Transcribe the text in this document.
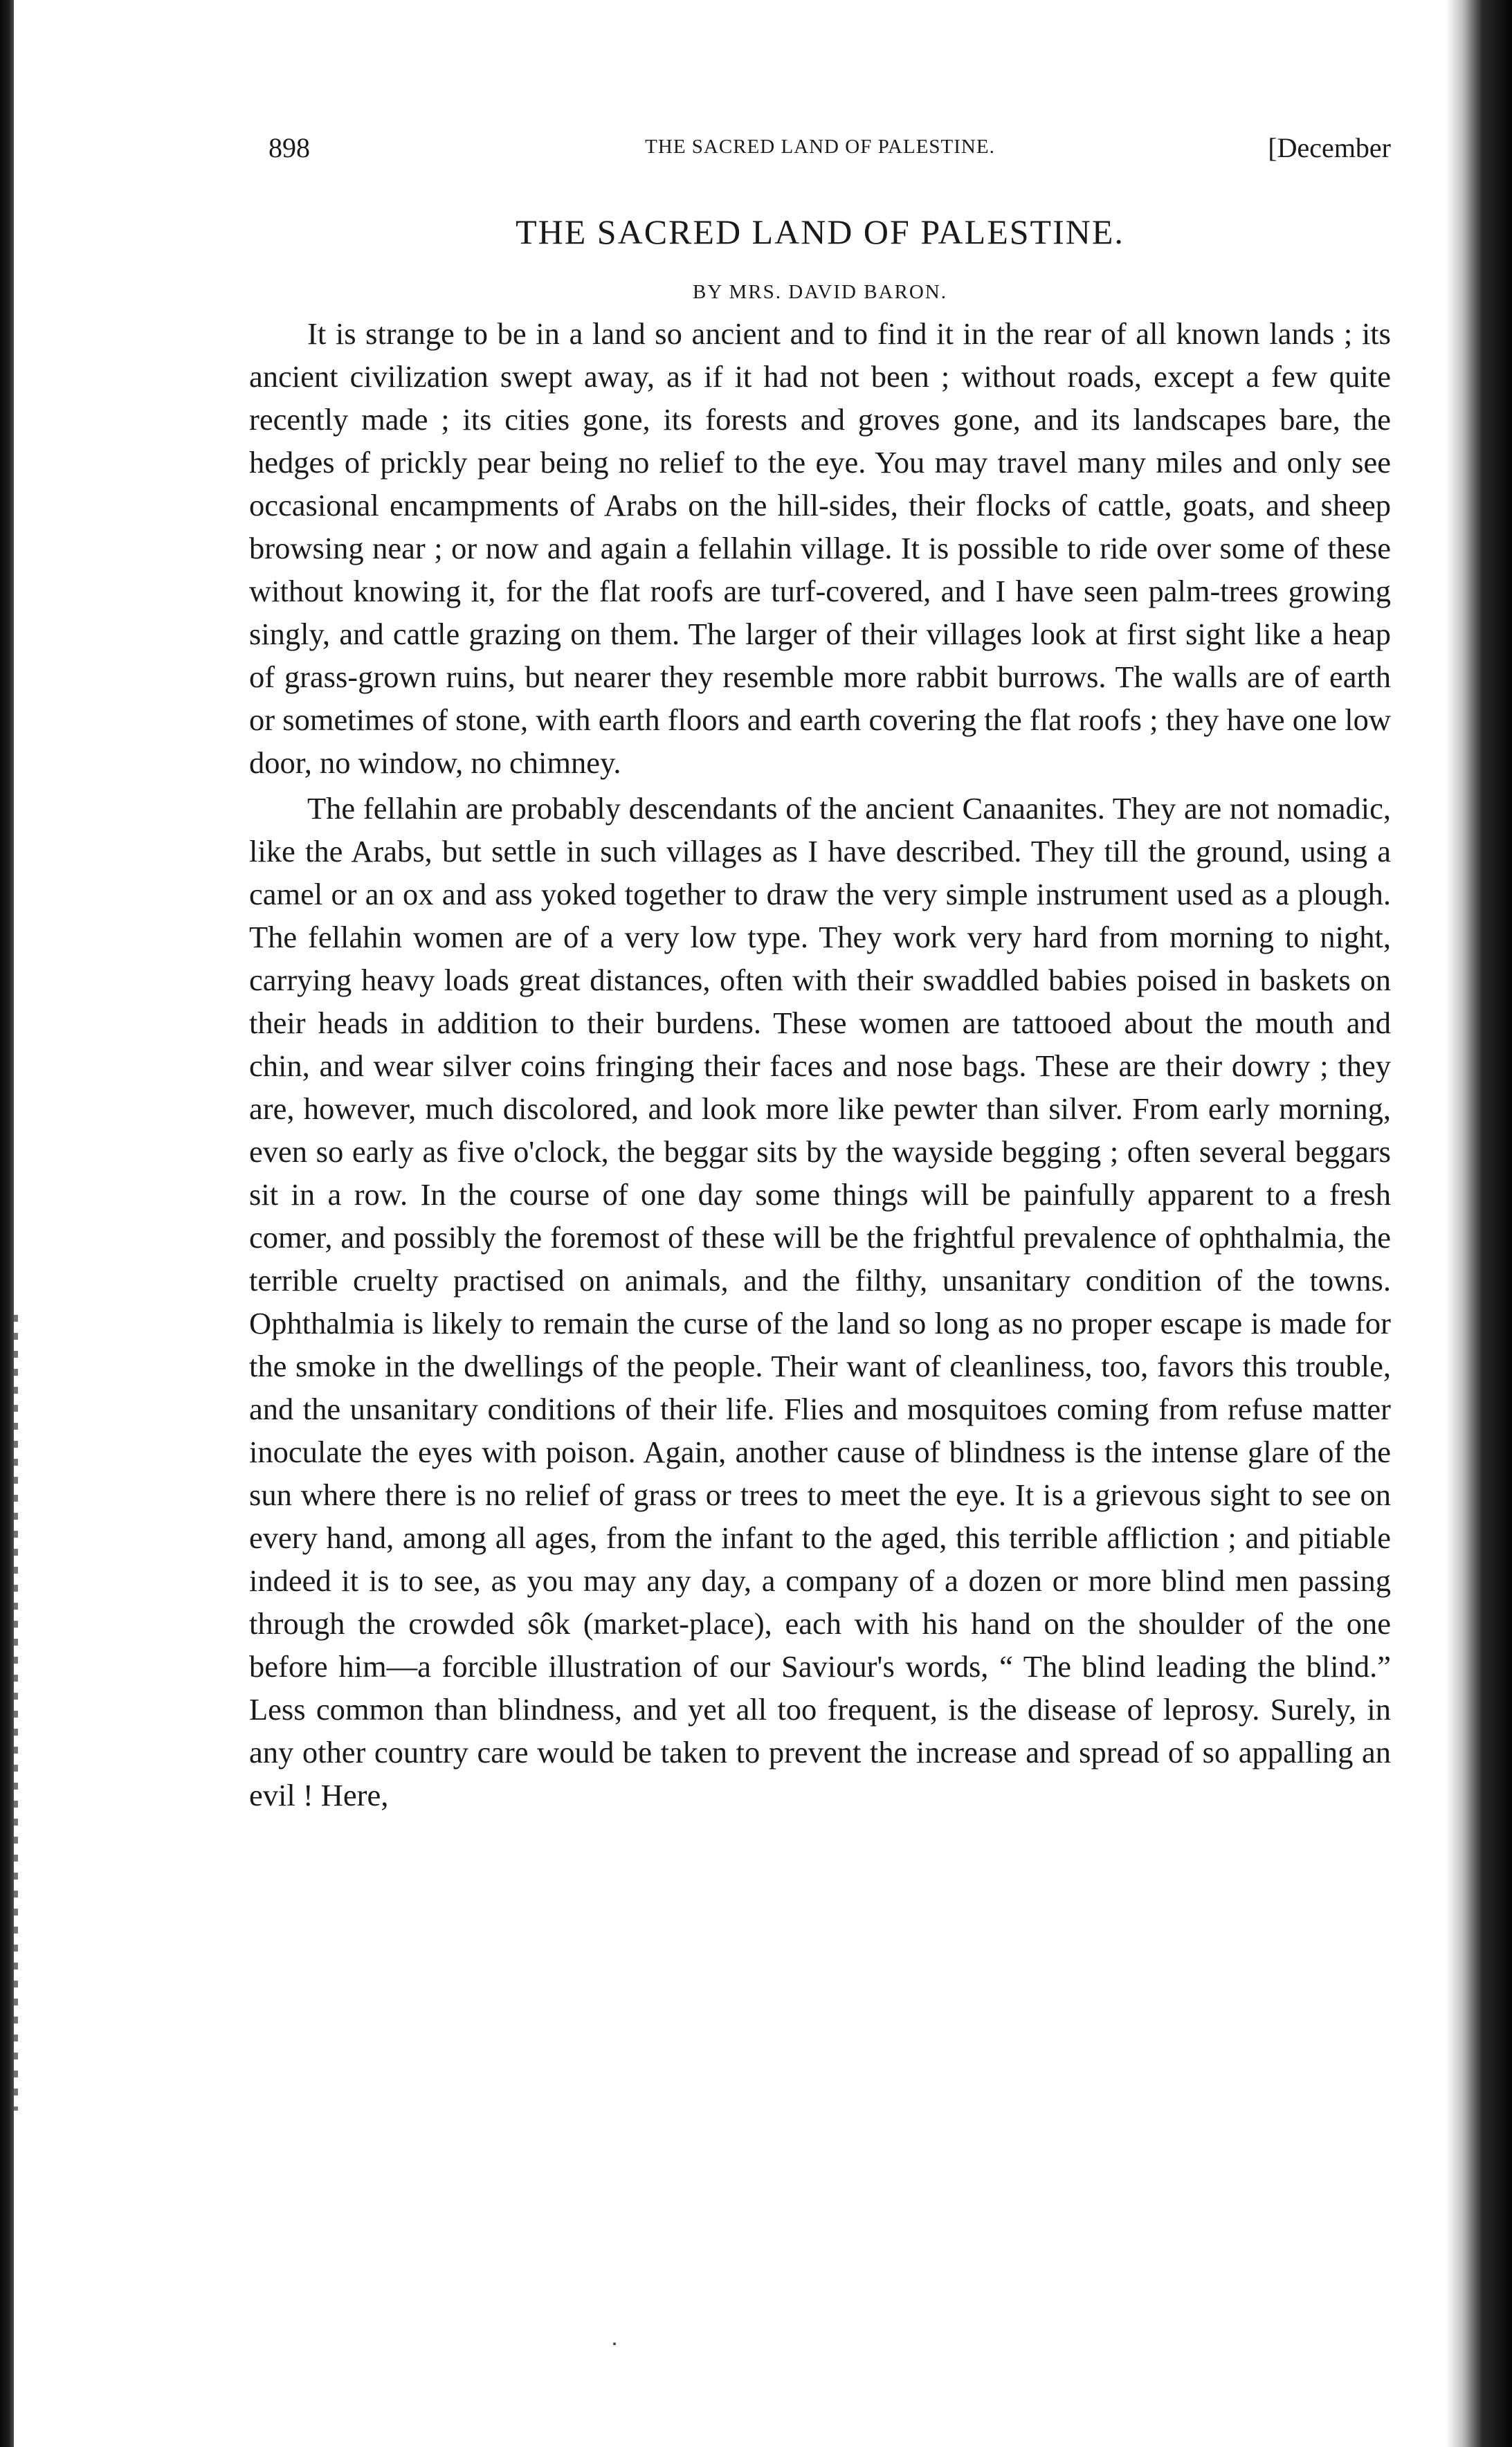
898	THE SACRED LAND OF PALESTINE.	[December
THE SACRED LAND OF PALESTINE.
BY MRS. DAVID BARON.

It is strange to be in a land so ancient and to find it in the rear of all known lands ; its ancient civilization swept away, as if it had not been ; without roads, except a few quite recently made ; its cities gone, its forests and groves gone, and its landscapes bare, the hedges of prickly pear being no relief to the eye. You may travel many miles and only see occasional encampments of Arabs on the hill-sides, their flocks of cattle, goats, and sheep browsing near ; or now and again a fellahin village. It is possible to ride over some of these without knowing it, for the flat roofs are turf-covered, and I have seen palm-trees growing singly, and cattle grazing on them. The larger of their villages look at first sight like a heap of grass-grown ruins, but nearer they resemble more rabbit burrows. The walls are of earth or sometimes of stone, with earth floors and earth covering the flat roofs ; they have one low door, no window, no chimney.

The fellahin are probably descendants of the ancient Canaanites. They are not nomadic, like the Arabs, but settle in such villages as I have described. They till the ground, using a camel or an ox and ass yoked together to draw the very simple instrument used as a plough. The fellahin women are of a very low type. They work very hard from morning to night, carrying heavy loads great distances, often with their swaddled babies poised in baskets on their heads in addition to their burdens. These women are tattooed about the mouth and chin, and wear silver coins fringing their faces and nose bags. These are their dowry ; they are, however, much discolored, and look more like pewter than silver. From early morning, even so early as five o'clock, the beggar sits by the wayside begging ; often several beggars sit in a row. In the course of one day some things will be painfully apparent to a fresh comer, and possibly the foremost of these will be the frightful prevalence of ophthalmia, the terrible cruelty practised on animals, and the filthy, unsanitary condition of the towns. Ophthalmia is likely to remain the curse of the land so long as no proper escape is made for the smoke in the dwellings of the people. Their want of cleanliness, too, favors this trouble, and the unsanitary conditions of their life. Flies and mosquitoes coming from refuse matter inoculate the eyes with poison. Again, another cause of blindness is the intense glare of the sun where there is no relief of grass or trees to meet the eye. It is a grievous sight to see on every hand, among all ages, from the infant to the aged, this terrible affliction ; and pitiable indeed it is to see, as you may any day, a company of a dozen or more blind men passing through the crowded sôk (market-place), each with his hand on the shoulder of the one before him—a forcible illustration of our Saviour's words, “ The blind leading the blind.” Less common than blindness, and yet all too frequent, is the disease of leprosy. Surely, in any other country care would be taken to prevent the increase and spread of so appalling an evil ! Here,
